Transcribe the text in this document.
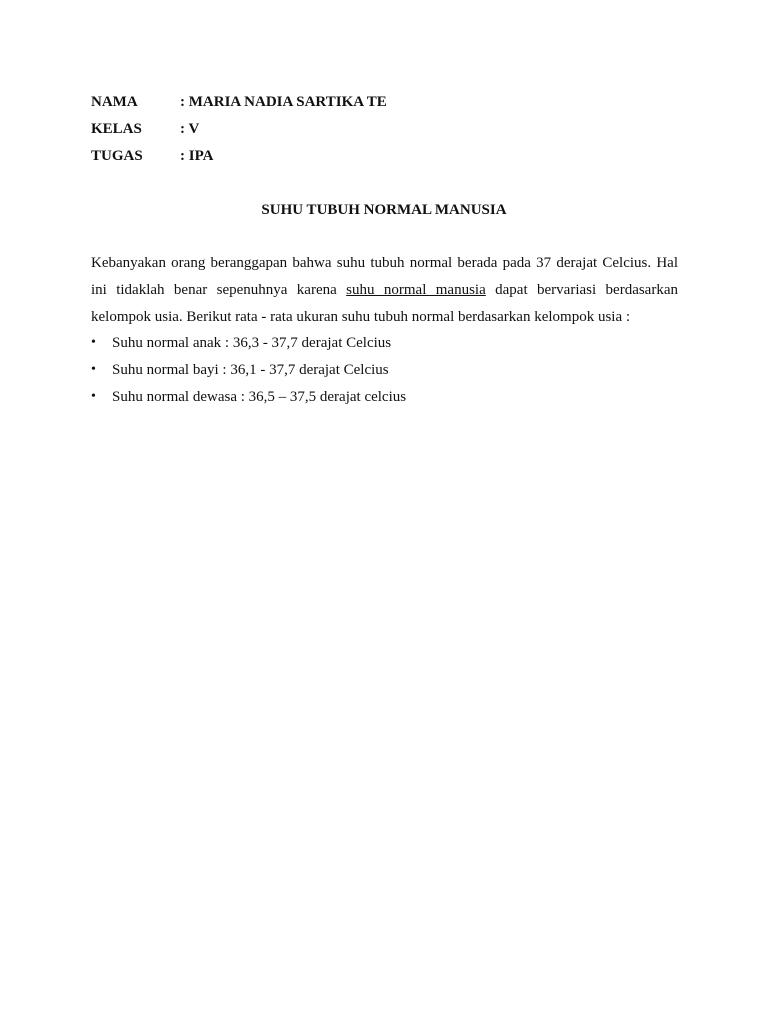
NAMA	: MARIA NADIA SARTIKA TE
KELAS	: V
TUGAS	: IPA
SUHU TUBUH NORMAL MANUSIA

Kebanyakan orang beranggapan bahwa suhu tubuh normal berada pada 37 derajat Celcius. Hal ini tidaklah benar sepenuhnya karena suhu normal manusia dapat bervariasi berdasarkan kelompok usia. Berikut rata - rata ukuran suhu tubuh normal berdasarkan kelompok usia :

•	Suhu normal anak : 36,3 - 37,7 derajat Celcius
•	Suhu normal bayi : 36,1 - 37,7 derajat Celcius
•	Suhu normal dewasa : 36,5 – 37,5 derajat celcius
